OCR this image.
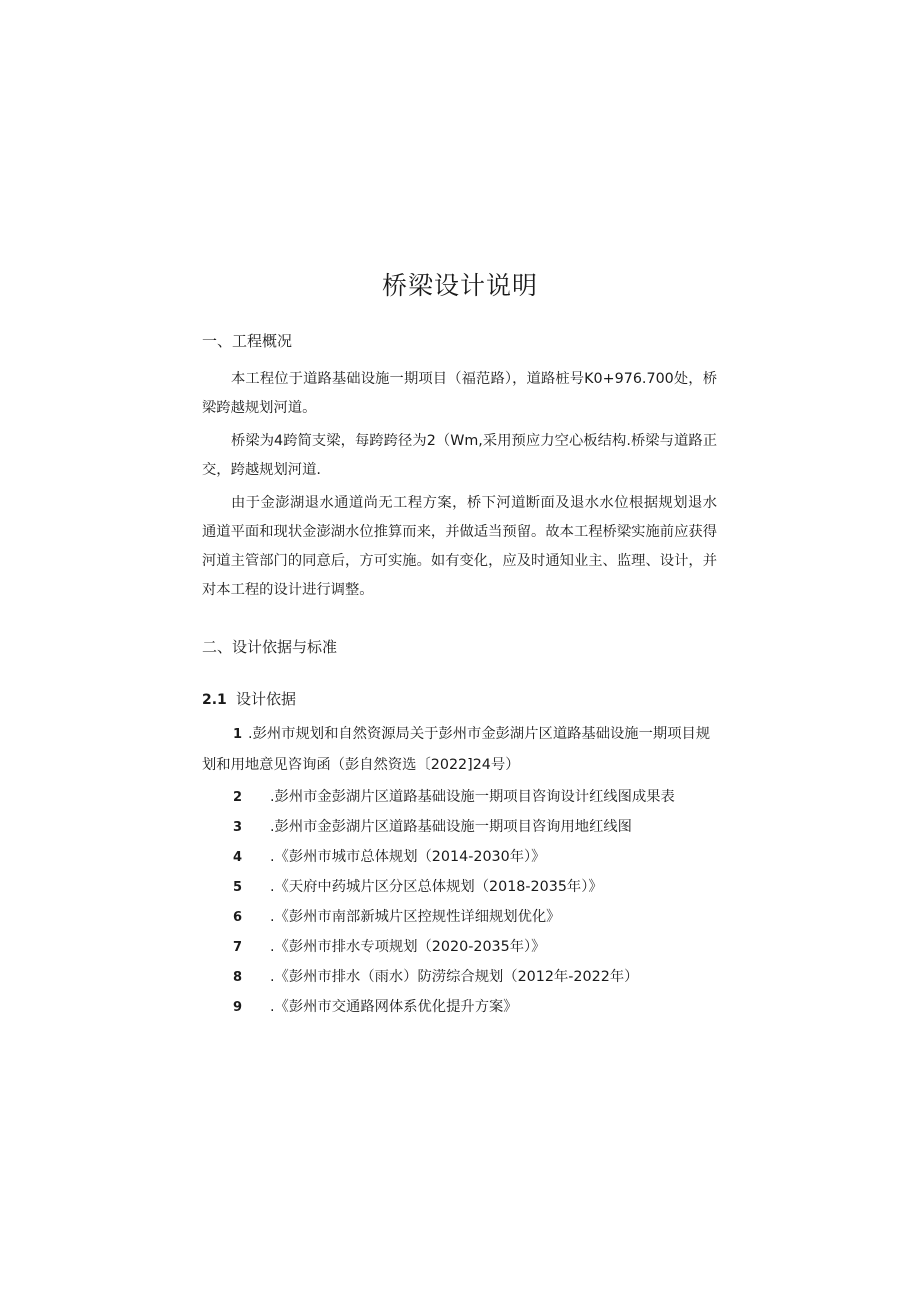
桥梁设计说明
一、工程概况

本工程位于道路基础设施一期项目（福范路），道路桩号K0+976.700处，桥梁跨越规划河道。

桥梁为4跨简支梁，每跨跨径为2（Wm,采用预应力空心板结构.桥梁与道路正交，跨越规划河道.

由于金澎湖退水通道尚无工程方案，桥下河道断面及退水水位根据规划退水通道平面和现状金澎湖水位推算而来，并做适当预留。故本工程桥梁实施前应获得河道主管部门的同意后，方可实施。如有变化，应及时通知业主、监理、设计，并对本工程的设计进行调整。

二、设计依据与标准
2.1 设计依据

1 .彭州市规划和自然资源局关于彭州市金彭湖片区道路基础设施一期项目规划和用地意见咨询函（彭自然资选〔2022]24号）

2 .彭州市金彭湖片区道路基础设施一期项目咨询设计红线图成果表

3 .彭州市金彭湖片区道路基础设施一期项目咨询用地红线图

4 .《彭州市城市总体规划（2014-2030年）》

5 .《天府中药城片区分区总体规划（2018-2035年）》

6 .《彭州市南部新城片区控规性详细规划优化》

7 .《彭州市排水专项规划（2020-2035年）》

8 .《彭州市排水（雨水）防涝综合规划（2012年-2022年）

9 .《彭州市交通路网体系优化提升方案》
